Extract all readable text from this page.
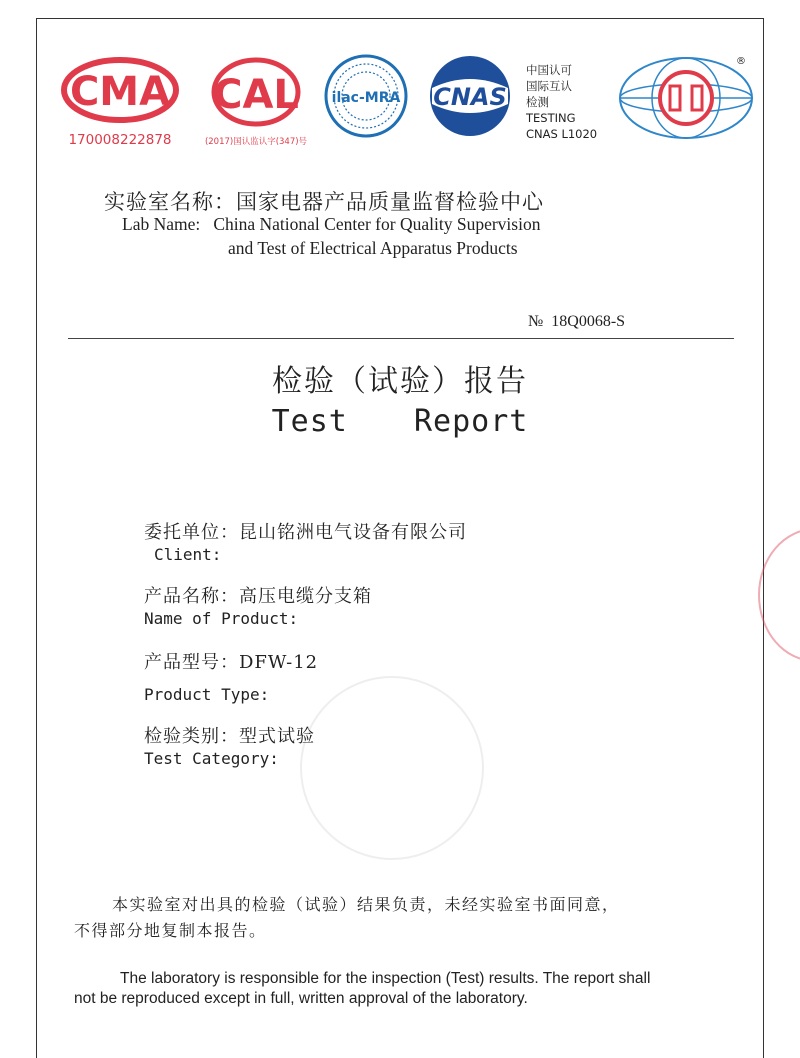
CMA
170008222878
CAL
(2017)国认监认字(347)号
ilac-MRA CNAS
中国认可
国际互认
检测
TESTING
CNAS L1020
®
实验室名称：国家电器产品质量监督检验中心
Lab Name:   China National Center for Quality Supervision
and Test of Electrical Apparatus Products
№  18Q0068-S
检验（试验）报告
Test  Report
委托单位：昆山铭洲电气设备有限公司
Client:
产品名称：高压电缆分支箱
Name of Product:
产品型号：DFW-12
Product Type:
检验类别：型式试验
Test Category:
本实验室对出具的检验（试验）结果负责，未经实验室书面同意，
不得部分地复制本报告。
The laboratory is responsible for the inspection (Test) results. The report shall
not be reproduced except in full, written approval of the laboratory.
